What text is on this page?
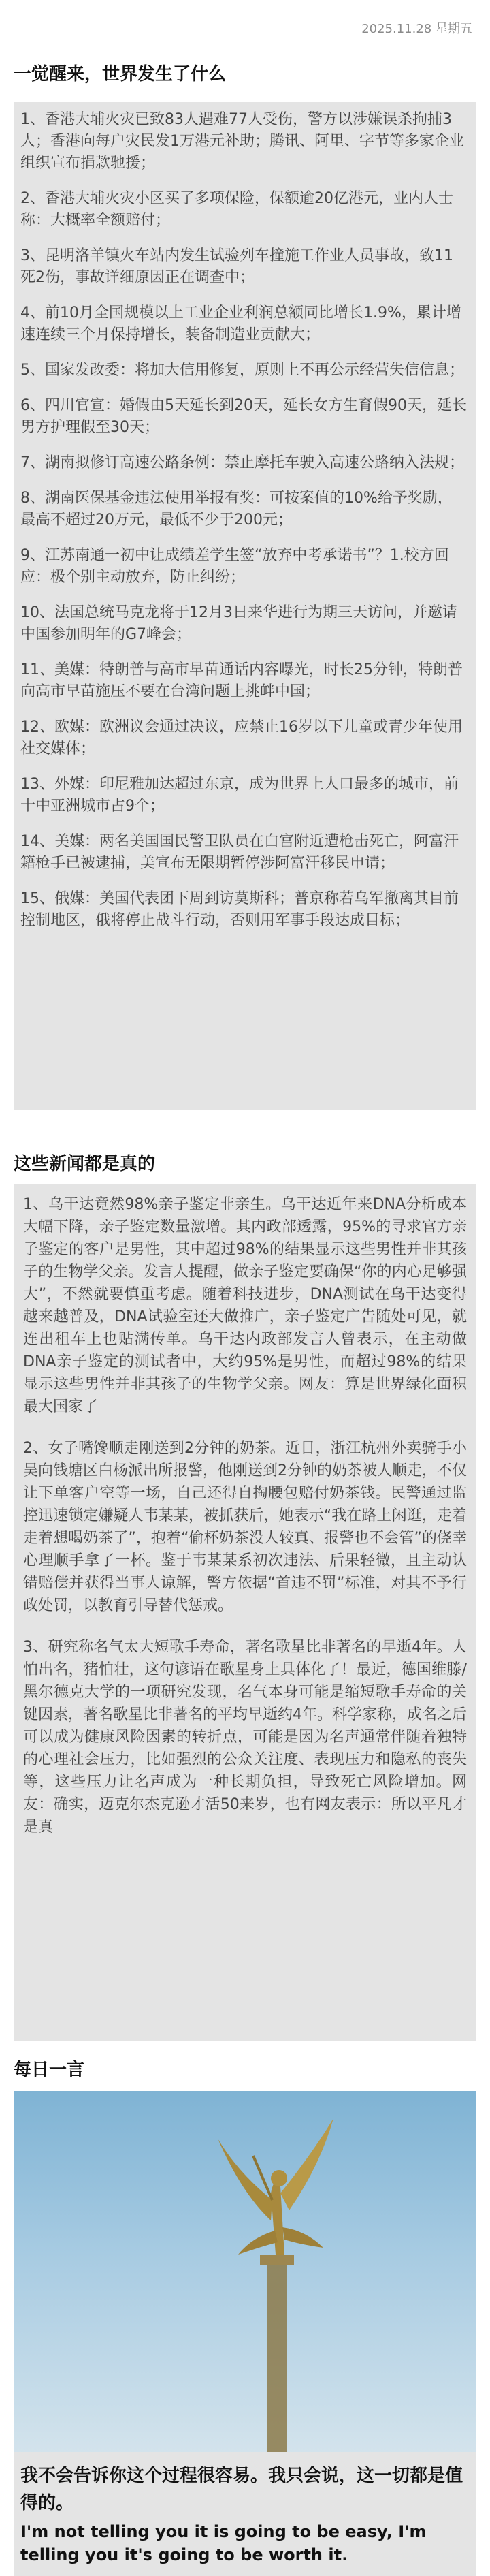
2025.11.28 星期五
一觉醒来，世界发生了什么
1、香港大埔火灾已致83人遇难77人受伤，警方以涉嫌误杀拘捕3人；香港向每户灾民发1万港元补助；腾讯、阿里、字节等多家企业组织宣布捐款驰援；
2、香港大埔火灾小区买了多项保险，保额逾20亿港元，业内人士称：大概率全额赔付；
3、昆明洛羊镇火车站内发生试验列车撞施工作业人员事故，致11死2伤，事故详细原因正在调查中；
4、前10月全国规模以上工业企业利润总额同比增长1.9%，累计增速连续三个月保持增长，装备制造业贡献大；
5、国家发改委：将加大信用修复，原则上不再公示经营失信信息；
6、四川官宣：婚假由5天延长到20天，延长女方生育假90天，延长男方护理假至30天；
7、湖南拟修订高速公路条例：禁止摩托车驶入高速公路纳入法规；
8、湖南医保基金违法使用举报有奖：可按案值的10%给予奖励，最高不超过20万元，最低不少于200元；
9、江苏南通一初中让成绩差学生签“放弃中考承诺书”？1.校方回应：极个别主动放弃，防止纠纷；
10、法国总统马克龙将于12月3日来华进行为期三天访问，并邀请中国参加明年的G7峰会；
11、美媒：特朗普与高市早苗通话内容曝光，时长25分钟，特朗普向高市早苗施压不要在台湾问题上挑衅中国；
12、欧媒：欧洲议会通过决议，应禁止16岁以下儿童或青少年使用社交媒体；
13、外媒：印尼雅加达超过东京，成为世界上人口最多的城市，前十中亚洲城市占9个；
14、美媒：两名美国国民警卫队员在白宫附近遭枪击死亡，阿富汗籍枪手已被逮捕，美宣布无限期暂停涉阿富汗移民申请；
15、俄媒：美国代表团下周到访莫斯科；普京称若乌军撤离其目前控制地区，俄将停止战斗行动，否则用军事手段达成目标；
这些新闻都是真的
1、乌干达竟然98%亲子鉴定非亲生。乌干达近年来DNA分析成本大幅下降，亲子鉴定数量激增。其内政部透露，95%的寻求官方亲子鉴定的客户是男性，其中超过98%的结果显示这些男性并非其孩子的生物学父亲。发言人提醒，做亲子鉴定要确保“你的内心足够强大”，不然就要慎重考虑。随着科技进步，DNA测试在乌干达变得越来越普及，DNA试验室还大做推广，亲子鉴定广告随处可见，就连出租车上也贴满传单。乌干达内政部发言人曾表示，在主动做DNA亲子鉴定的测试者中，大约95%是男性，而超过98%的结果显示这些男性并非其孩子的生物学父亲。网友：算是世界绿化面积最大国家了
2、女子嘴馋顺走刚送到2分钟的奶茶。近日，浙江杭州外卖骑手小吴向钱塘区白杨派出所报警，他刚送到2分钟的奶茶被人顺走，不仅让下单客户空等一场，自己还得自掏腰包赔付奶茶钱。民警通过监控迅速锁定嫌疑人韦某某，被抓获后，她表示“我在路上闲逛，走着走着想喝奶茶了”，抱着“偷杯奶茶没人较真、报警也不会管”的侥幸心理顺手拿了一杯。鉴于韦某某系初次违法、后果轻微，且主动认错赔偿并获得当事人谅解，警方依据“首违不罚”标准，对其不予行政处罚，以教育引导替代惩戒。
3、研究称名气太大短歌手寿命，著名歌星比非著名的早逝4年。人怕出名，猪怕壮，这句谚语在歌星身上具体化了！最近，德国维滕/黑尔德克大学的一项研究发现，名气本身可能是缩短歌手寿命的关键因素，著名歌星比非著名的平均早逝约4年。科学家称，成名之后可以成为健康风险因素的转折点，可能是因为名声通常伴随着独特的心理社会压力，比如强烈的公众关注度、表现压力和隐私的丧失等，这些压力让名声成为一种长期负担，导致死亡风险增加。网友：确实，迈克尔杰克逊才活50来岁，也有网友表示：所以平凡才是真
每日一言
我不会告诉你这个过程很容易。我只会说，这一切都是值得的。
I'm not telling you it is going to be easy, I'm telling you it's going to be worth it.
